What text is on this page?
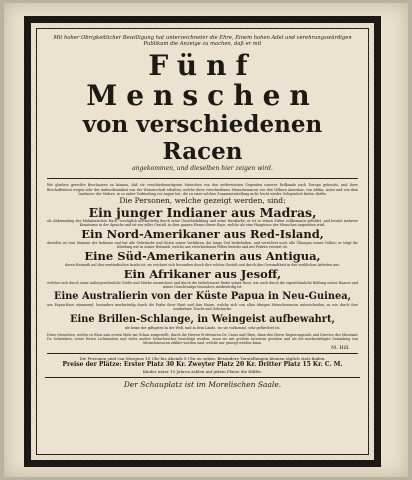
Mit hoher Obrigkeitlicher Bewilligung hat unterzeichneter die Ehre, Einem hohen Adel und verehrungswürdigen Publikum die Anzeige zu machen, daß er mit
Fünf Menschen
von verschiedenen Racen
angekommen, und dieselben hier zeigen wird.
Wir glauben gerechte Beschauern zu können, daß sie verschiedenartigsten Menschen von den entferntesten Gegenden unserer Erdkunde nach Europa gebracht, und ihrer Beschaffenheit wegen sehr der Aufmerksamkeit von der Wissenschaft erhalten, welche diese verschiedenen Menschenracen von den Völkern Amerikas, von Afrika, Asien und von dem Inselmeer der Südsee, in so naher Verbindung vor Augen hat, die zu einer solchen Zusammenstellung nicht leicht wieder Gelegenheit bieten dürfte.
Die Personen, welche gezeigt werden, sind:
Ein junger Indianer aus Madras,
als Abkömmling der Malabarischen Race, vorzüglich merkwürdig durch seine Gesichtsbildung und seine Hautfarbe; er ist in seinen Sitten vollkommen gebildet, und besitzt mehrere Kenntnisse in der Sprache und ist von edler Gestalt, in dem ganzen Wesen dieser Raçe, welche als eine Hauptrace der Menschen angesehen wird.
Ein Nord-Amerikaner aus Red-Island,
derselbe ist vom Stamme der Indianer und hat alle Gebräuche und Sitten seiner Vorfahren, die lange Zeit beibehalten, und verrichtet noch alle Übungen seines Volkes; er trägt die Kleidung wie in seiner Heimath, welche aus verschiedenen Fellen besteht und mit Federn verziert ist.
Eine Süd-Amerikanerin aus Antigua,
deren Heimath auf den westindischen Inseln ist; sie zeichnet sich besonders durch ihre schöne Gestalt und durch ihre Gewandtheit in den weiblichen Arbeiten aus.
Ein Afrikaner aus Jesoff,
welcher sich durch seine außergewöhnliche Größe und Stärke auszeichnet und durch die tiefschwarze Farbe seiner Haut, wie auch durch die eigenthümliche Bildung seines Haares und seiner Gesichtszüge besonders merkwürdig ist.
Eine Australierin von der Küste Papua in Neu-Guinea,
aus Papua-Race stammend, besonders merkwürdig durch die Farbe ihrer Haut und ihre Haare, welche sich von allen übrigen Menschenracen unterscheiden, so wie durch ihre sonderbare Tracht und Gebräuche.
Eine Brillen-Schlange, in Weingeist aufbewahrt,
die keine der giftigsten in der Welt, und in dem Lande, wo sie vorkommt, sehr gefürchtet ist.
Diese Menschen, welche in Wien zum ersten Male zur Schau ausgestellt, durch die Herren Professoren Dr. Carus und Oken, dann den Herrn Regierungsrath und Director des Museums Dr. Schreibers, sowie Herrn Lichtenstein und vieler andere Naturforscher besichtigt wurden, wozu sie mit großem Interesse gesehen und als die merkwürdigste Sammlung von Menschenracen erklärt worden sind, welche nur gezeigt werden kann.
M. Hill.
Die Personen sind von Morgens 10 Uhr bis Abends 8 Uhr zu sehen. Besondere Vorstellungen können täglich statt finden.
Preise der Plätze: Erster Platz 30 Kr. Zweyter Platz 20 Kr. Dritter Platz 15 Kr. C. M.
Kinder unter 10 Jahren zahlen auf jedem Platze die Hälfte.
Der Schauplatz ist im Morelischen Saale.
